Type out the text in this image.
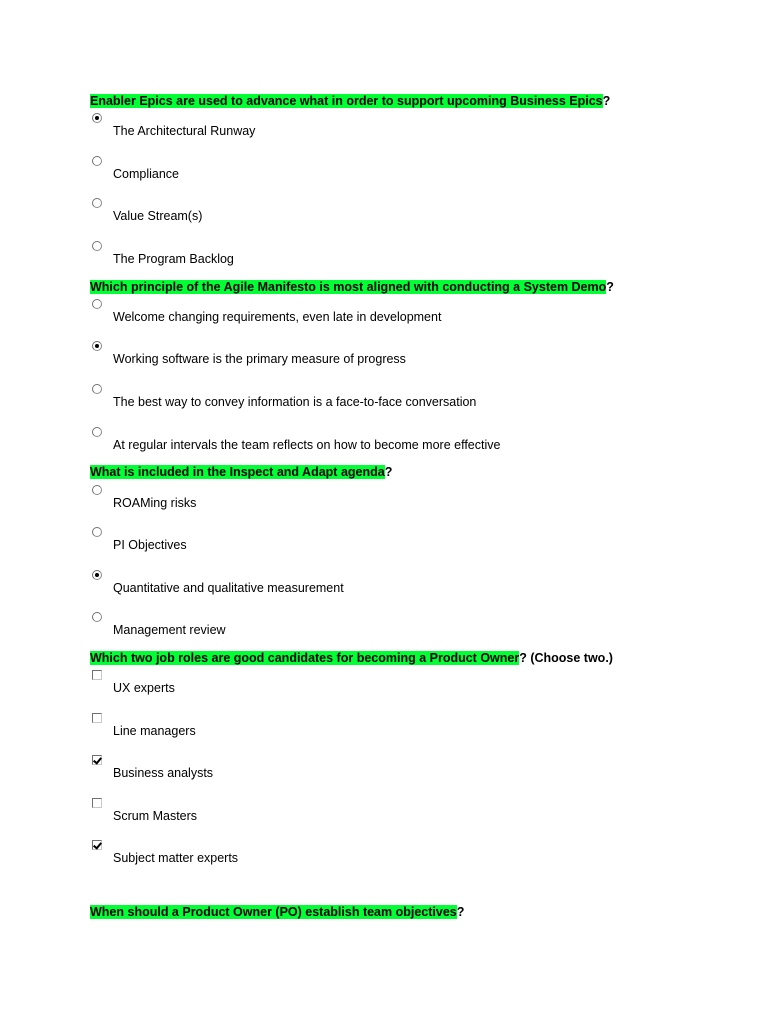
Enabler Epics are used to advance what in order to support upcoming Business Epics?
The Architectural Runway
Compliance
Value Stream(s)
The Program Backlog
Which principle of the Agile Manifesto is most aligned with conducting a System Demo?
Welcome changing requirements, even late in development
Working software is the primary measure of progress
The best way to convey information is a face-to-face conversation
At regular intervals the team reflects on how to become more effective
What is included in the Inspect and Adapt agenda?
ROAMing risks
PI Objectives
Quantitative and qualitative measurement
Management review
Which two job roles are good candidates for becoming a Product Owner? (Choose two.)
UX experts
Line managers
Business analysts
Scrum Masters
Subject matter experts
When should a Product Owner (PO) establish team objectives?
